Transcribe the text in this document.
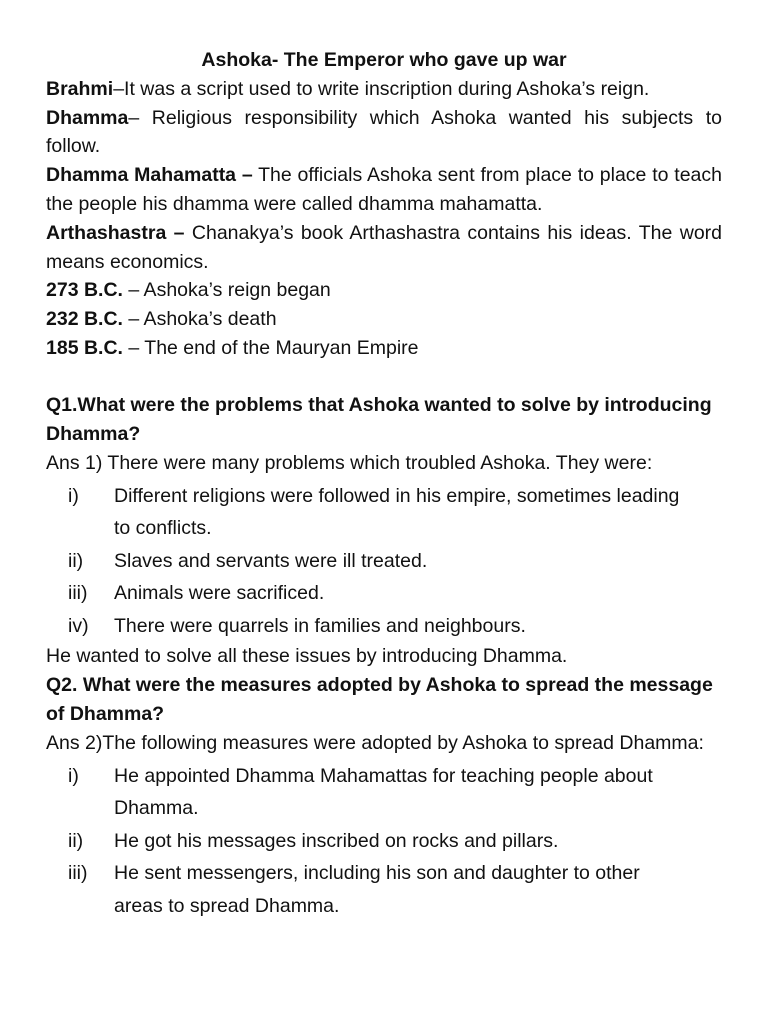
Ashoka- The Emperor who gave up war

Brahmi–It was a script used to write inscription during Ashoka’s reign.

Dhamma– Religious responsibility which Ashoka wanted his subjects to follow.

Dhamma Mahamatta – The officials Ashoka sent from place to place to teach the people his dhamma were called dhamma mahamatta.

Arthashastra – Chanakya’s book Arthashastra contains his ideas. The word means economics.

273 B.C. – Ashoka’s reign began

232 B.C. – Ashoka’s death

185 B.C. – The end of the Mauryan Empire

Q1.What were the problems that Ashoka wanted to solve by introducing Dhamma?

Ans 1) There were many problems which troubled Ashoka. They were:

i)	Different religions were followed in his empire, sometimes leading to conflicts.
ii)	Slaves and servants were ill treated.
iii)	Animals were sacrificed.
iv)	There were quarrels in families and neighbours.

He wanted to solve all these issues by introducing Dhamma.

Q2. What were the measures adopted by Ashoka to spread the message of Dhamma?

Ans 2)The following measures were adopted by Ashoka to spread Dhamma:

i)	He appointed Dhamma Mahamattas for teaching people about Dhamma.
ii)	He got his messages inscribed on rocks and pillars.
iii)	He sent messengers, including his son and daughter to other areas to spread Dhamma.
